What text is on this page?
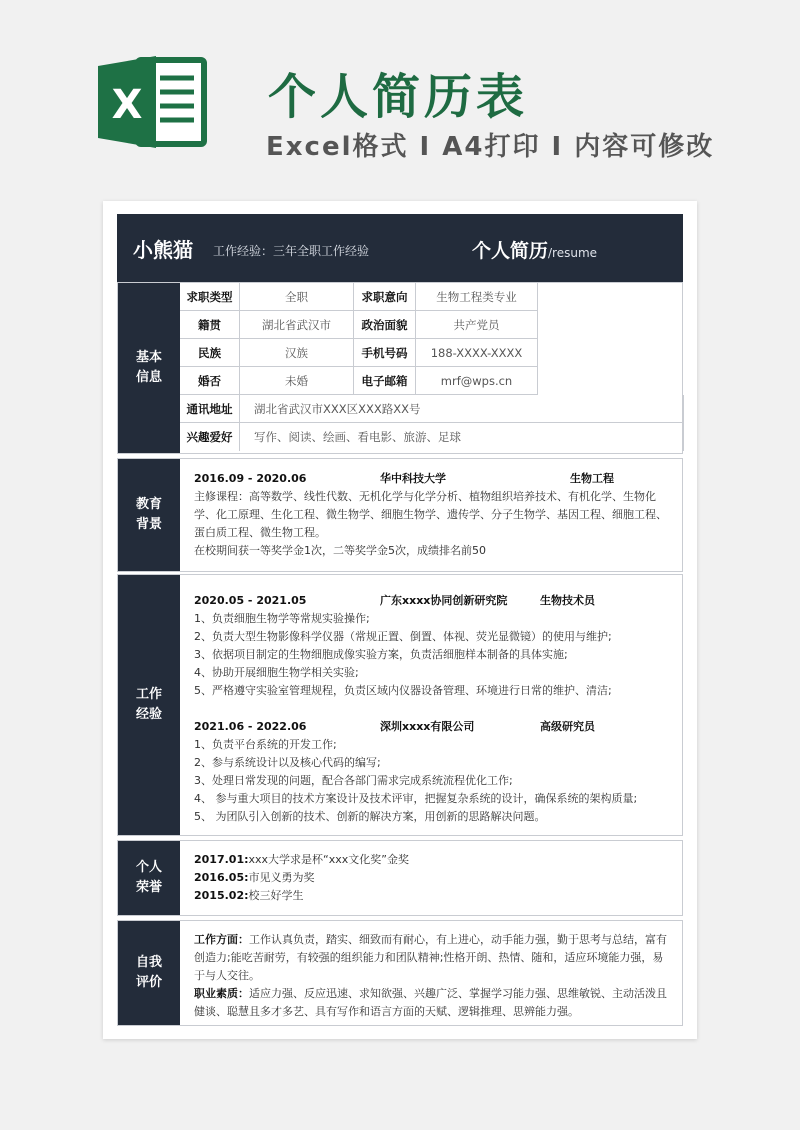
X	个人简历表
Excel格式 I A4打印 I 内容可修改
小熊猫 工作经验：三年全职工作经验	个人简历/resume
基本信息
求职类型	全职	求职意向	生物工程类专业
籍贯	湖北省武汉市	政治面貌	共产党员
民族	汉族	手机号码	188-XXXX-XXXX
婚否	未婚	电子邮箱	mrf@wps.cn
通讯地址	湖北省武汉市XXX区XXX路XX号
兴趣爱好	写作、阅读、绘画、看电影、旅游、足球
教育背景
2016.09 - 2020.06	华中科技大学	生物工程
主修课程：高等数学、线性代数、无机化学与化学分析、植物组织培养技术、有机化学、生物化学、化工原理、生化工程、微生物学、细胞生物学、遗传学、分子生物学、基因工程、细胞工程、蛋白质工程、微生物工程。
在校期间获一等奖学金1次，二等奖学金5次，成绩排名前50
工作经验
2020.05 - 2021.05	广东xxxx协同创新研究院	生物技术员
1、负责细胞生物学等常规实验操作;
2、负责大型生物影像科学仪器（常规正置、倒置、体视、荧光显微镜）的使用与维护;
3、依据项目制定的生物细胞成像实验方案，负责活细胞样本制备的具体实施;
4、协助开展细胞生物学相关实验;
5、严格遵守实验室管理规程，负责区域内仪器设备管理、环境进行日常的维护、清洁;
2021.06 - 2022.06	深圳xxxx有限公司	高级研究员
1、负责平台系统的开发工作;
2、参与系统设计以及核心代码的编写;
3、处理日常发现的问题，配合各部门需求完成系统流程优化工作;
4、 参与重大项目的技术方案设计及技术评审，把握复杂系统的设计，确保系统的架构质量;
5、 为团队引入创新的技术、创新的解决方案，用创新的思路解决问题。
个人荣誉
2017.01:xxx大学求是杯“xxx文化奖”金奖
2016.05:市见义勇为奖
2015.02:校三好学生
自我评价
工作方面：工作认真负责，踏实、细致而有耐心，有上进心，动手能力强，勤于思考与总结，富有创造力;能吃苦耐劳，有较强的组织能力和团队精神;性格开朗、热情、随和，适应环境能力强，易于与人交往。
职业素质：适应力强、反应迅速、求知欲强、兴趣广泛、掌握学习能力强、思维敏锐、主动活泼且健谈、聪慧且多才多艺、具有写作和语言方面的天赋、逻辑推理、思辨能力强。
